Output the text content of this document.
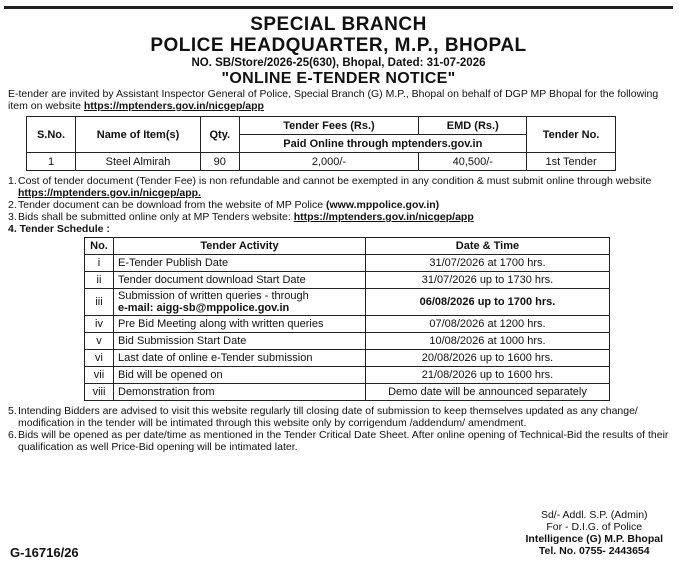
SPECIAL BRANCH
POLICE HEADQUARTER, M.P., BHOPAL
NO. SB/Store/2026-25(630), Bhopal, Dated: 31-07-2026
"ONLINE E-TENDER NOTICE"
E-tender are invited by Assistant Inspector General of Police, Special Branch (G) M.P., Bhopal on behalf of DGP MP Bhopal for the following item on website https://mptenders.gov.in/nicgep/app
S.No.	Name of Item(s)	Qty.	Tender Fees (Rs.)	EMD (Rs.)	Tender No.
			Paid Online through mptenders.gov.in		
1	Steel Almirah	90	2,000/-	40,500/-	1st Tender
1. Cost of tender document (Tender Fee) is non refundable and cannot be exempted in any condition & must submit online through website https://mptenders.gov.in/nicgep/app.
2. Tender document can be download from the website of MP Police (www.mppolice.gov.in)
3. Bids shall be submitted online only at MP Tenders website: https://mptenders.gov.in/nicgep/app
4. Tender Schedule :
No.	Tender Activity	Date & Time
i	E-Tender Publish Date	31/07/2026 at 1700 hrs.
ii	Tender document download Start Date	31/07/2026 up to 1730 hrs.
iii	Submission of written queries - through
e-mail: aigg-sb@mppolice.gov.in	06/08/2026 up to 1700 hrs.
iv	Pre Bid Meeting along with written queries	07/08/2026 at 1200 hrs.
v	Bid Submission Start Date	10/08/2026 at 1000 hrs.
vi	Last date of online e-Tender submission	20/08/2026 up to 1600 hrs.
vii	Bid will be opened on	21/08/2026 up to 1600 hrs.
viii	Demonstration from	Demo date will be announced separately
5. Intending Bidders are advised to visit this website regularly till closing date of submission to keep themselves updated as any change/ modification in the tender will be intimated through this website only by corrigendum /addendum/ amendment.
6. Bids will be opened as per date/time as mentioned in the Tender Critical Date Sheet. After online opening of Technical-Bid the results of their qualification as well Price-Bid opening will be intimated later.
Sd/- Addl. S.P. (Admin)
For - D.I.G. of Police
Intelligence (G) M.P. Bhopal
Tel. No. 0755- 2443654
G-16716/26
